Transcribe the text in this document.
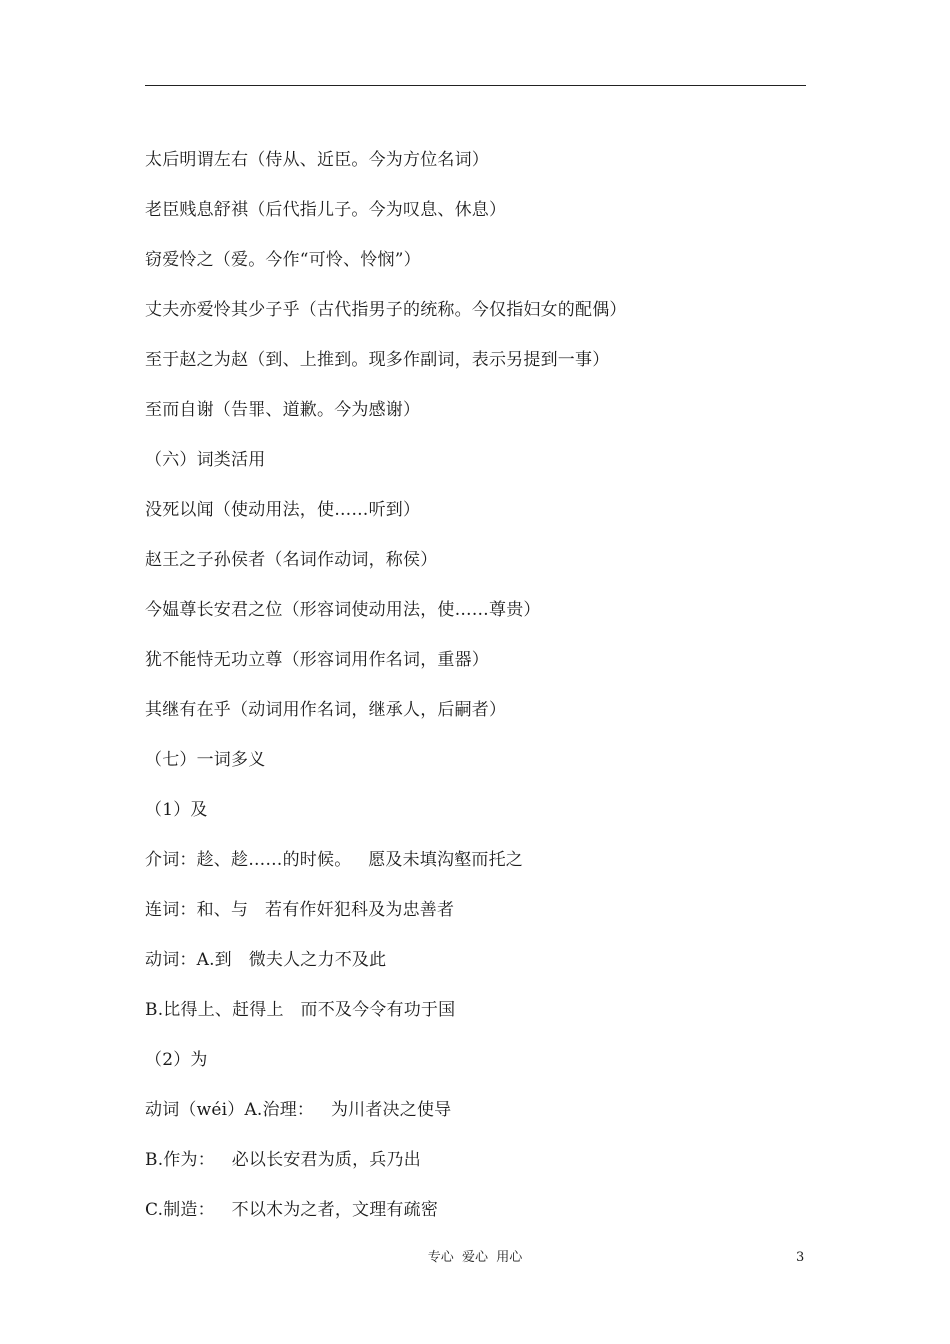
太后明谓左右（侍从、近臣。今为方位名词）
老臣贱息舒祺（后代指儿子。今为叹息、休息）
窃爱怜之（爱。今作“可怜、怜悯”）
丈夫亦爱怜其少子乎（古代指男子的统称。今仅指妇女的配偶）
至于赵之为赵（到、上推到。现多作副词，表示另提到一事）
至而自谢（告罪、道歉。今为感谢）
（六）词类活用
没死以闻（使动用法，使……听到）
赵王之子孙侯者（名词作动词，称侯）
今媪尊长安君之位（形容词使动用法，使……尊贵）
犹不能恃无功立尊（形容词用作名词，重器）
其继有在乎（动词用作名词，继承人，后嗣者）
（七）一词多义
（1）及
介词：趁、趁……的时候。   愿及未填沟壑而托之
连词：和、与   若有作奸犯科及为忠善者
动词：A.到   微夫人之力不及此
B.比得上、赶得上   而不及今令有功于国
（2）为
动词（wéi）A.治理：   为川者决之使导
B.作为：   必以长安君为质，兵乃出
C.制造：   不以木为之者，文理有疏密
专心  爱心  用心	3
